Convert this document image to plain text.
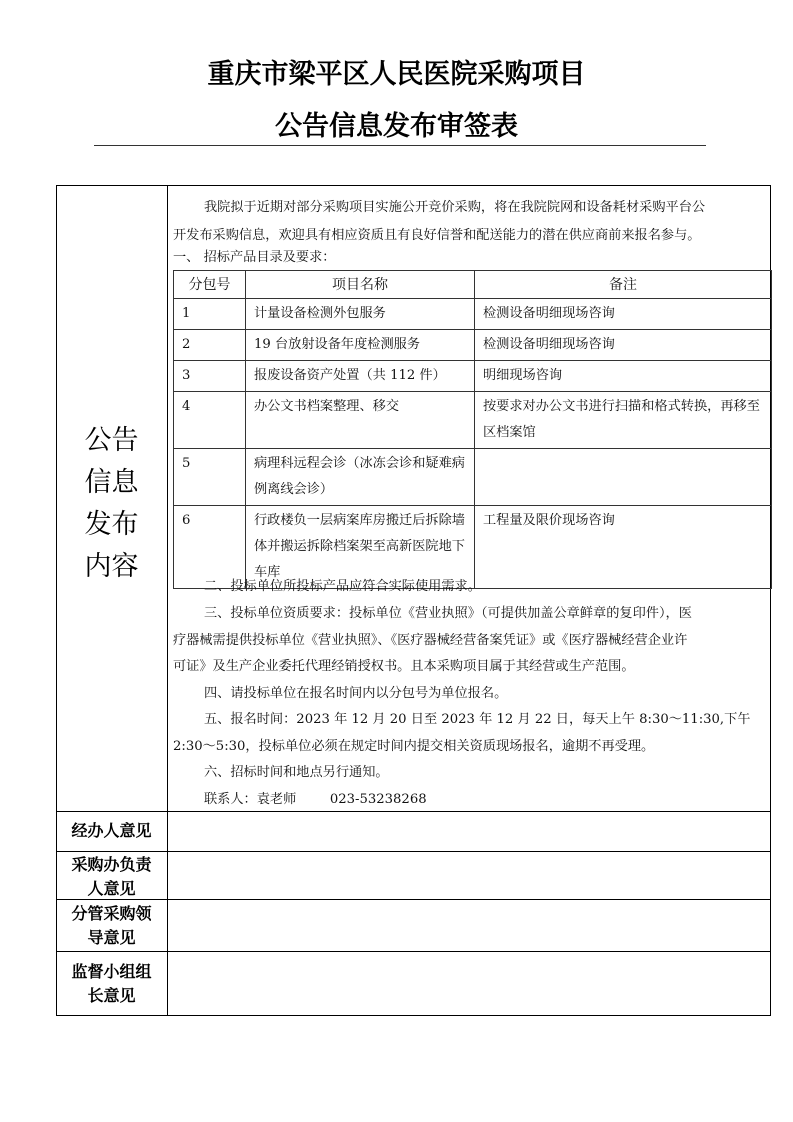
重庆市梁平区人民医院采购项目
公告信息发布审签表
公告
信息
发布
内容
我院拟于近期对部分采购项目实施公开竞价采购，将在我院院网和设备耗材采购平台公
开发布采购信息，欢迎具有相应资质且有良好信誉和配送能力的潜在供应商前来报名参与。
一、 招标产品目录及要求：
分包号	项目名称	备注
1	计量设备检测外包服务	检测设备明细现场咨询
2	19 台放射设备年度检测服务	检测设备明细现场咨询
3	报废设备资产处置（共 112 件）	明细现场咨询
4	办公文书档案整理、移交	按要求对办公文书进行扫描和格式转换，再移至区档案馆
5	病理科远程会诊（冰冻会诊和疑难病例离线会诊）	
6	行政楼负一层病案库房搬迁后拆除墙体并搬运拆除档案架至高新医院地下车库	工程量及限价现场咨询
二、投标单位所投标产品应符合实际使用需求。
三、投标单位资质要求：投标单位《营业执照》（可提供加盖公章鲜章的复印件），医
疗器械需提供投标单位《营业执照》、《医疗器械经营备案凭证》或《医疗器械经营企业许
可证》及生产企业委托代理经销授权书。且本采购项目属于其经营或生产范围。
四、请投标单位在报名时间内以分包号为单位报名。
五、报名时间：2023 年 12 月 20 日至 2023 年 12 月 22 日，每天上午 8:30～11:30,下午
2:30～5:30，投标单位必须在规定时间内提交相关资质现场报名，逾期不再受理。
六、招标时间和地点另行通知。
联系人：袁老师        023-53238268
经办人意见
采购办负责
人意见
分管采购领
导意见
监督小组组
长意见
